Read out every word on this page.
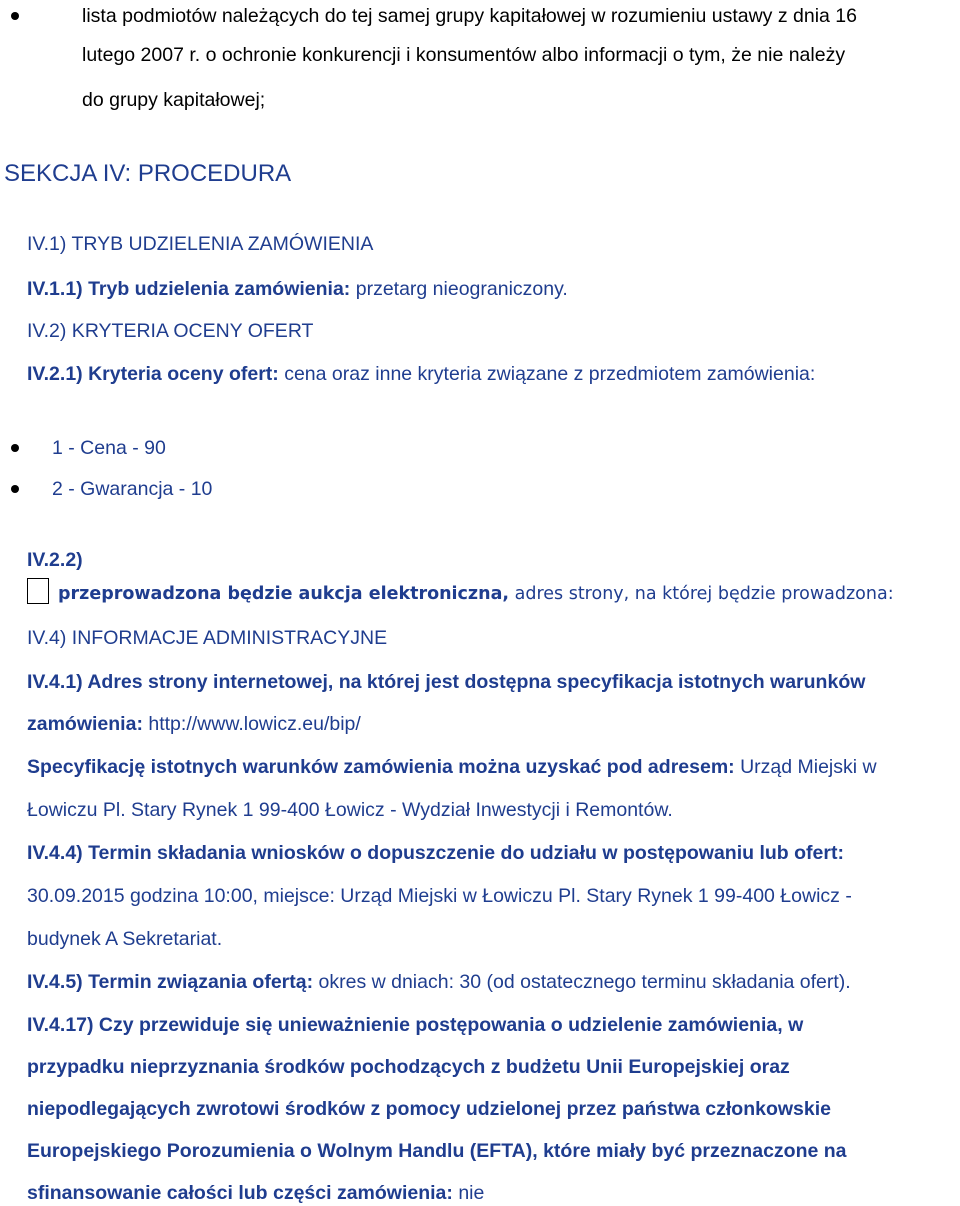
lista podmiotów należących do tej samej grupy kapitałowej w rozumieniu ustawy z dnia 16
lutego 2007 r. o ochronie konkurencji i konsumentów albo informacji o tym, że nie należy
do grupy kapitałowej;
SEKCJA IV: PROCEDURA
IV.1) TRYB UDZIELENIA ZAMÓWIENIA
IV.1.1) Tryb udzielenia zamówienia: przetarg nieograniczony.
IV.2) KRYTERIA OCENY OFERT
IV.2.1) Kryteria oceny ofert: cena oraz inne kryteria związane z przedmiotem zamówienia:
1 - Cena - 90
2 - Gwarancja - 10
IV.2.2)
przeprowadzona będzie aukcja elektroniczna, adres strony, na której będzie prowadzona:
IV.4) INFORMACJE ADMINISTRACYJNE
IV.4.1) Adres strony internetowej, na której jest dostępna specyfikacja istotnych warunków
zamówienia: http://www.lowicz.eu/bip/
Specyfikację istotnych warunków zamówienia można uzyskać pod adresem: Urząd Miejski w
Łowiczu Pl. Stary Rynek 1 99-400 Łowicz - Wydział Inwestycji i Remontów.
IV.4.4) Termin składania wniosków o dopuszczenie do udziału w postępowaniu lub ofert:
30.09.2015 godzina 10:00, miejsce: Urząd Miejski w Łowiczu Pl. Stary Rynek 1 99-400 Łowicz -
budynek A Sekretariat.
IV.4.5) Termin związania ofertą: okres w dniach: 30 (od ostatecznego terminu składania ofert).
IV.4.17) Czy przewiduje się unieważnienie postępowania o udzielenie zamówienia, w
przypadku nieprzyznania środków pochodzących z budżetu Unii Europejskiej oraz
niepodlegających zwrotowi środków z pomocy udzielonej przez państwa członkowskie
Europejskiego Porozumienia o Wolnym Handlu (EFTA), które miały być przeznaczone na
sfinansowanie całości lub części zamówienia: nie
